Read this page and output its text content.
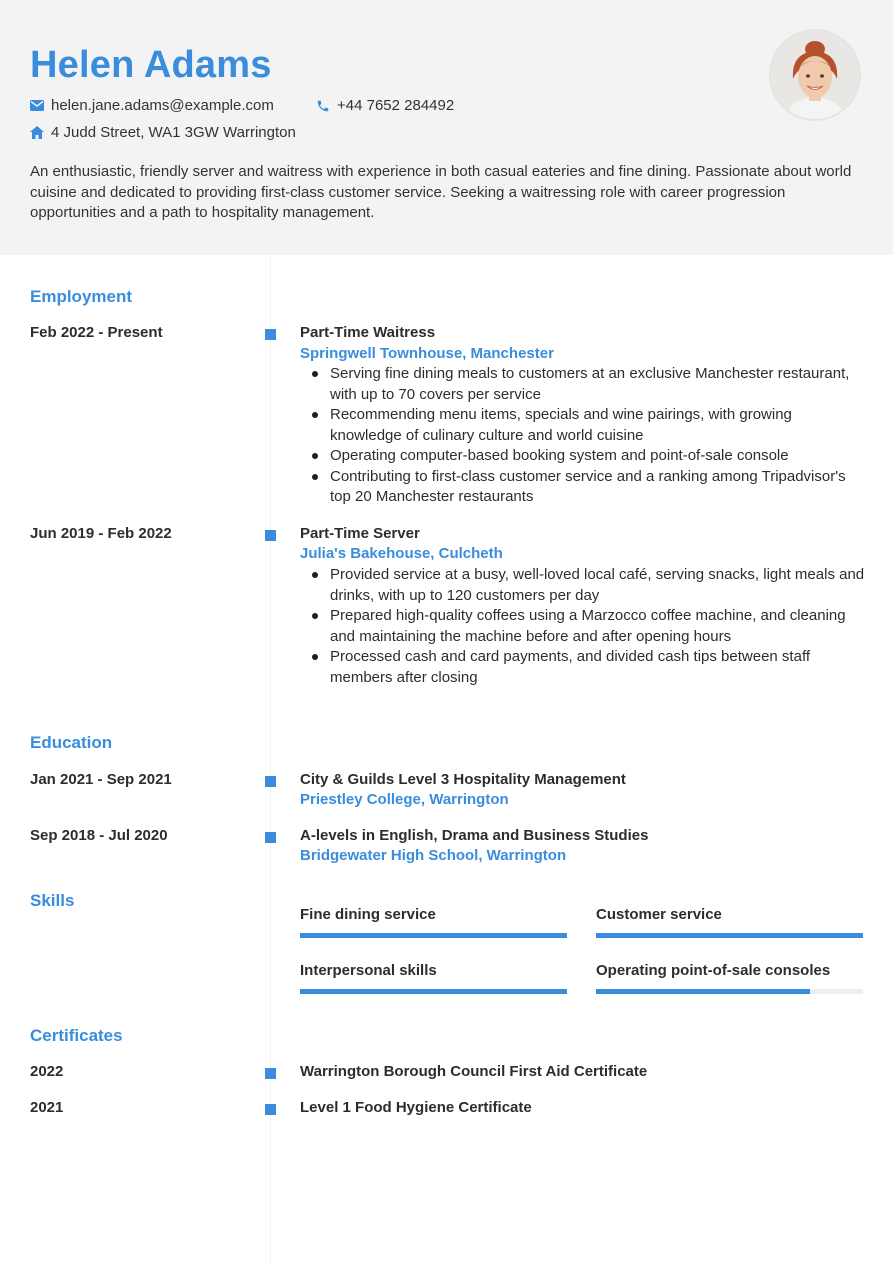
Helen Adams
helen.jane.adams@example.com	+44 7652 284492
4 Judd Street, WA1 3GW Warrington
An enthusiastic, friendly server and waitress with experience in both casual eateries and fine dining. Passionate about world cuisine and dedicated to providing first-class customer service. Seeking a waitressing role with career progression opportunities and a path to hospitality management.
Employment
Feb 2022 - Present	Part-Time Waitress
Springwell Townhouse, Manchester
Serving fine dining meals to customers at an exclusive Manchester restaurant, with up to 70 covers per service
Recommending menu items, specials and wine pairings, with growing knowledge of culinary culture and world cuisine
Operating computer-based booking system and point-of-sale console
Contributing to first-class customer service and a ranking among Tripadvisor's top 20 Manchester restaurants
Jun 2019 - Feb 2022	Part-Time Server
Julia's Bakehouse, Culcheth
Provided service at a busy, well-loved local café, serving snacks, light meals and drinks, with up to 120 customers per day
Prepared high-quality coffees using a Marzocco coffee machine, and cleaning and maintaining the machine before and after opening hours
Processed cash and card payments, and divided cash tips between staff members after closing
Education
Jan 2021 - Sep 2021	City & Guilds Level 3 Hospitality Management
Priestley College, Warrington
Sep 2018 - Jul 2020	A-levels in English, Drama and Business Studies
Bridgewater High School, Warrington
Skills
Fine dining service	Customer service
Interpersonal skills	Operating point-of-sale consoles
Certificates
2022	Warrington Borough Council First Aid Certificate
2021	Level 1 Food Hygiene Certificate
